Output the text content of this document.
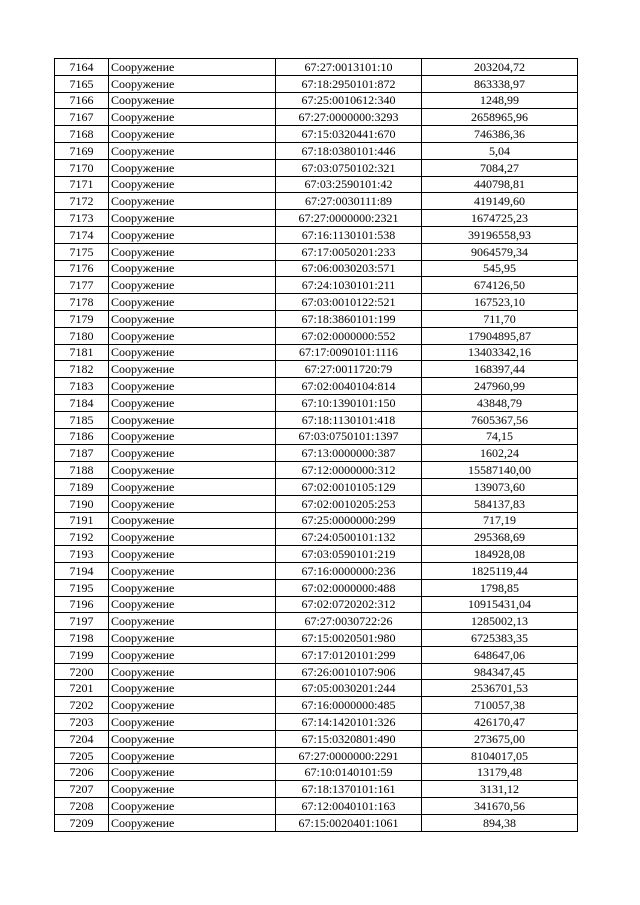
7164	Сооружение	67:27:0013101:10	203204,72
7165	Сооружение	67:18:2950101:872	863338,97
7166	Сооружение	67:25:0010612:340	1248,99
7167	Сооружение	67:27:0000000:3293	2658965,96
7168	Сооружение	67:15:0320441:670	746386,36
7169	Сооружение	67:18:0380101:446	5,04
7170	Сооружение	67:03:0750102:321	7084,27
7171	Сооружение	67:03:2590101:42	440798,81
7172	Сооружение	67:27:0030111:89	419149,60
7173	Сооружение	67:27:0000000:2321	1674725,23
7174	Сооружение	67:16:1130101:538	39196558,93
7175	Сооружение	67:17:0050201:233	9064579,34
7176	Сооружение	67:06:0030203:571	545,95
7177	Сооружение	67:24:1030101:211	674126,50
7178	Сооружение	67:03:0010122:521	167523,10
7179	Сооружение	67:18:3860101:199	711,70
7180	Сооружение	67:02:0000000:552	17904895,87
7181	Сооружение	67:17:0090101:1116	13403342,16
7182	Сооружение	67:27:0011720:79	168397,44
7183	Сооружение	67:02:0040104:814	247960,99
7184	Сооружение	67:10:1390101:150	43848,79
7185	Сооружение	67:18:1130101:418	7605367,56
7186	Сооружение	67:03:0750101:1397	74,15
7187	Сооружение	67:13:0000000:387	1602,24
7188	Сооружение	67:12:0000000:312	15587140,00
7189	Сооружение	67:02:0010105:129	139073,60
7190	Сооружение	67:02:0010205:253	584137,83
7191	Сооружение	67:25:0000000:299	717,19
7192	Сооружение	67:24:0500101:132	295368,69
7193	Сооружение	67:03:0590101:219	184928,08
7194	Сооружение	67:16:0000000:236	1825119,44
7195	Сооружение	67:02:0000000:488	1798,85
7196	Сооружение	67:02:0720202:312	10915431,04
7197	Сооружение	67:27:0030722:26	1285002,13
7198	Сооружение	67:15:0020501:980	6725383,35
7199	Сооружение	67:17:0120101:299	648647,06
7200	Сооружение	67:26:0010107:906	984347,45
7201	Сооружение	67:05:0030201:244	2536701,53
7202	Сооружение	67:16:0000000:485	710057,38
7203	Сооружение	67:14:1420101:326	426170,47
7204	Сооружение	67:15:0320801:490	273675,00
7205	Сооружение	67:27:0000000:2291	8104017,05
7206	Сооружение	67:10:0140101:59	13179,48
7207	Сооружение	67:18:1370101:161	3131,12
7208	Сооружение	67:12:0040101:163	341670,56
7209	Сооружение	67:15:0020401:1061	894,38
